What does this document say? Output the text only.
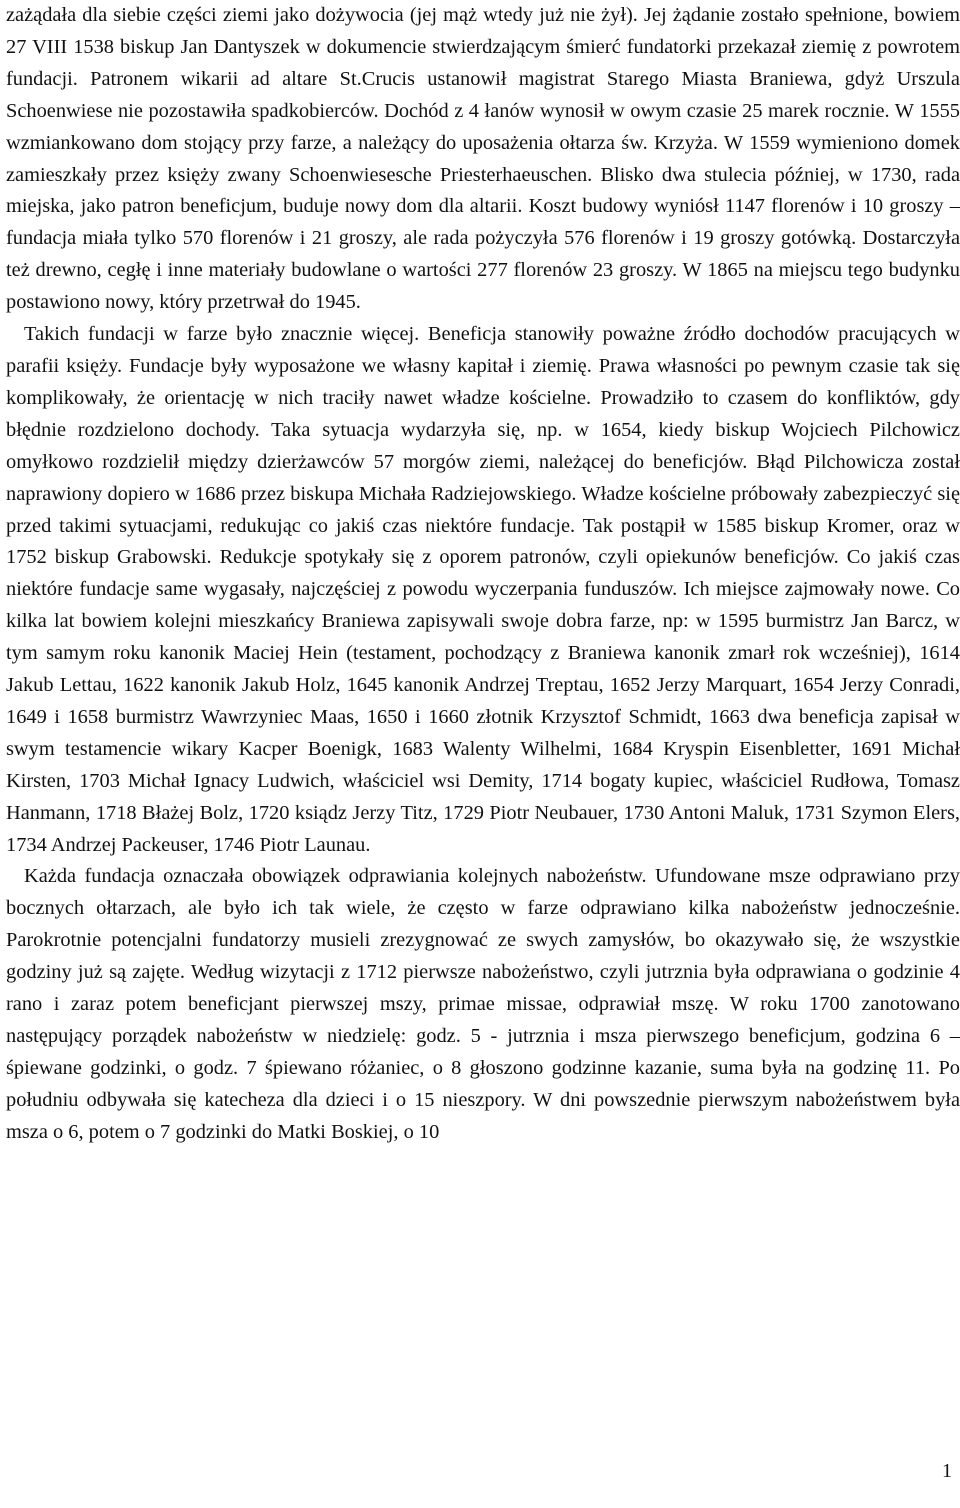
zażądała dla siebie części ziemi jako dożywocia (jej mąż wtedy już nie żył). Jej żądanie zostało spełnione, bowiem 27 VIII 1538 biskup Jan Dantyszek w dokumencie stwierdzającym śmierć fundatorki przekazał ziemię z powrotem fundacji. Patronem wikarii ad altare St.Crucis ustanowił magistrat Starego Miasta Braniewa, gdyż Urszula Schoenwiese nie pozostawiła spadkobierców. Dochód z 4 łanów wynosił w owym czasie 25 marek rocznie. W 1555 wzmiankowano dom stojący przy farze, a należący do uposażenia ołtarza św. Krzyża. W 1559 wymieniono domek zamieszkały przez księży zwany Schoenwiesesche Priesterhaeuschen. Blisko dwa stulecia później, w 1730, rada miejska, jako patron beneficjum, buduje nowy dom dla altarii. Koszt budowy wyniósł 1147 florenów i 10 groszy – fundacja miała tylko 570 florenów i 21 groszy, ale rada pożyczyła 576 florenów i 19 groszy gotówką. Dostarczyła też drewno, cegłę i inne materiały budowlane o wartości 277 florenów 23 groszy. W 1865 na miejscu tego budynku postawiono nowy, który przetrwał do 1945.

Takich fundacji w farze było znacznie więcej. Beneficja stanowiły poważne źródło dochodów pracujących w parafii księży. Fundacje były wyposażone we własny kapitał i ziemię. Prawa własności po pewnym czasie tak się komplikowały, że orientację w nich traciły nawet władze kościelne. Prowadziło to czasem do konfliktów, gdy błędnie rozdzielono dochody. Taka sytuacja wydarzyła się, np. w 1654, kiedy biskup Wojciech Pilchowicz omyłkowo rozdzielił między dzierżawców 57 morgów ziemi, należącej do beneficjów. Błąd Pilchowicza został naprawiony dopiero w 1686 przez biskupa Michała Radziejowskiego. Władze kościelne próbowały zabezpieczyć się przed takimi sytuacjami, redukując co jakiś czas niektóre fundacje. Tak postąpił w 1585 biskup Kromer, oraz w 1752 biskup Grabowski. Redukcje spotykały się z oporem patronów, czyli opiekunów beneficjów. Co jakiś czas niektóre fundacje same wygasały, najczęściej z powodu wyczerpania funduszów. Ich miejsce zajmowały nowe. Co kilka lat bowiem kolejni mieszkańcy Braniewa zapisywali swoje dobra farze, np: w 1595 burmistrz Jan Barcz, w tym samym roku kanonik Maciej Hein (testament, pochodzący z Braniewa kanonik zmarł rok wcześniej), 1614 Jakub Lettau, 1622 kanonik Jakub Holz, 1645 kanonik Andrzej Treptau, 1652 Jerzy Marquart, 1654 Jerzy Conradi, 1649 i 1658 burmistrz Wawrzyniec Maas, 1650 i 1660 złotnik Krzysztof Schmidt, 1663 dwa beneficja zapisał w swym testamencie wikary Kacper Boenigk, 1683 Walenty Wilhelmi, 1684 Kryspin Eisenbletter, 1691 Michał Kirsten, 1703 Michał Ignacy Ludwich, właściciel wsi Demity, 1714 bogaty kupiec, właściciel Rudłowa, Tomasz Hanmann, 1718 Błażej Bolz, 1720 ksiądz Jerzy Titz, 1729 Piotr Neubauer, 1730 Antoni Maluk, 1731 Szymon Elers, 1734 Andrzej Packeuser, 1746 Piotr Launau.

Każda fundacja oznaczała obowiązek odprawiania kolejnych nabożeństw. Ufundowane msze odprawiano przy bocznych ołtarzach, ale było ich tak wiele, że często w farze odprawiano kilka nabożeństw jednocześnie. Parokrotnie potencjalni fundatorzy musieli zrezygnować ze swych zamysłów, bo okazywało się, że wszystkie godziny już są zajęte. Według wizytacji z 1712 pierwsze nabożeństwo, czyli jutrznia była odprawiana o godzinie 4 rano i zaraz potem beneficjant pierwszej mszy, primae missae, odprawiał mszę. W roku 1700 zanotowano następujący porządek nabożeństw w niedzielę: godz. 5 - jutrznia i msza pierwszego beneficjum, godzina 6 – śpiewane godzinki, o godz. 7 śpiewano różaniec, o 8 głoszono godzinne kazanie, suma była na godzinę 11. Po południu odbywała się katecheza dla dzieci i o 15 nieszpory. W dni powszednie pierwszym nabożeństwem była msza o 6, potem o 7 godzinki do Matki Boskiej, o 10

1
